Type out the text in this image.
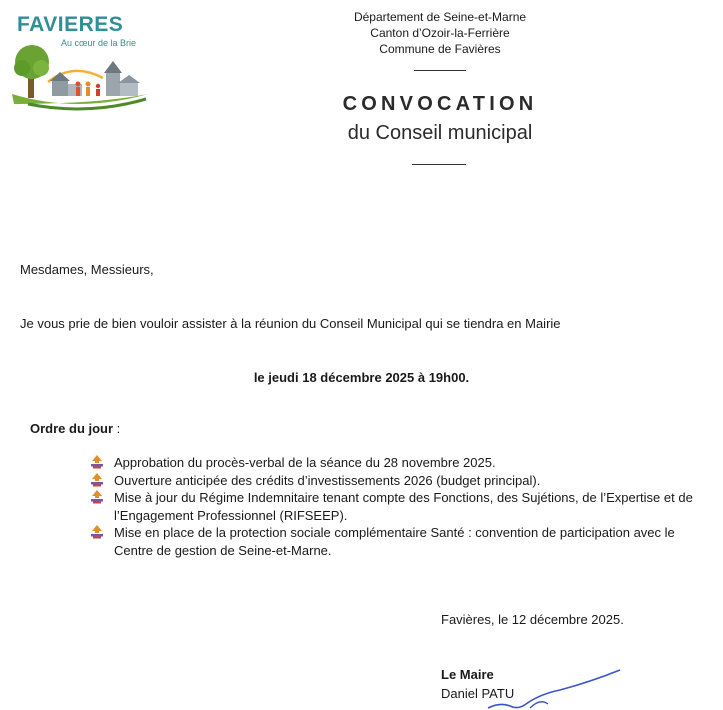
FAVIERES
Au cœur de la Brie
Département de Seine-et-Marne
Canton d’Ozoir-la-Ferrière
Commune de Favières
CONVOCATION
du Conseil municipal
Mesdames, Messieurs,
Je vous prie de bien vouloir assister à la réunion du Conseil Municipal qui se tiendra en Mairie
le jeudi 18 décembre 2025 à 19h00.
Ordre du jour :
Approbation du procès-verbal de la séance du 28 novembre 2025.
Ouverture anticipée des crédits d’investissements 2026 (budget principal).
Mise à jour du Régime Indemnitaire tenant compte des Fonctions, des Sujétions, de l’Expertise et de l’Engagement Professionnel (RIFSEEP).
Mise en place de la protection sociale complémentaire Santé : convention de participation avec le Centre de gestion de Seine-et-Marne.
Favières, le 12 décembre 2025.
Le Maire
Daniel PATU
